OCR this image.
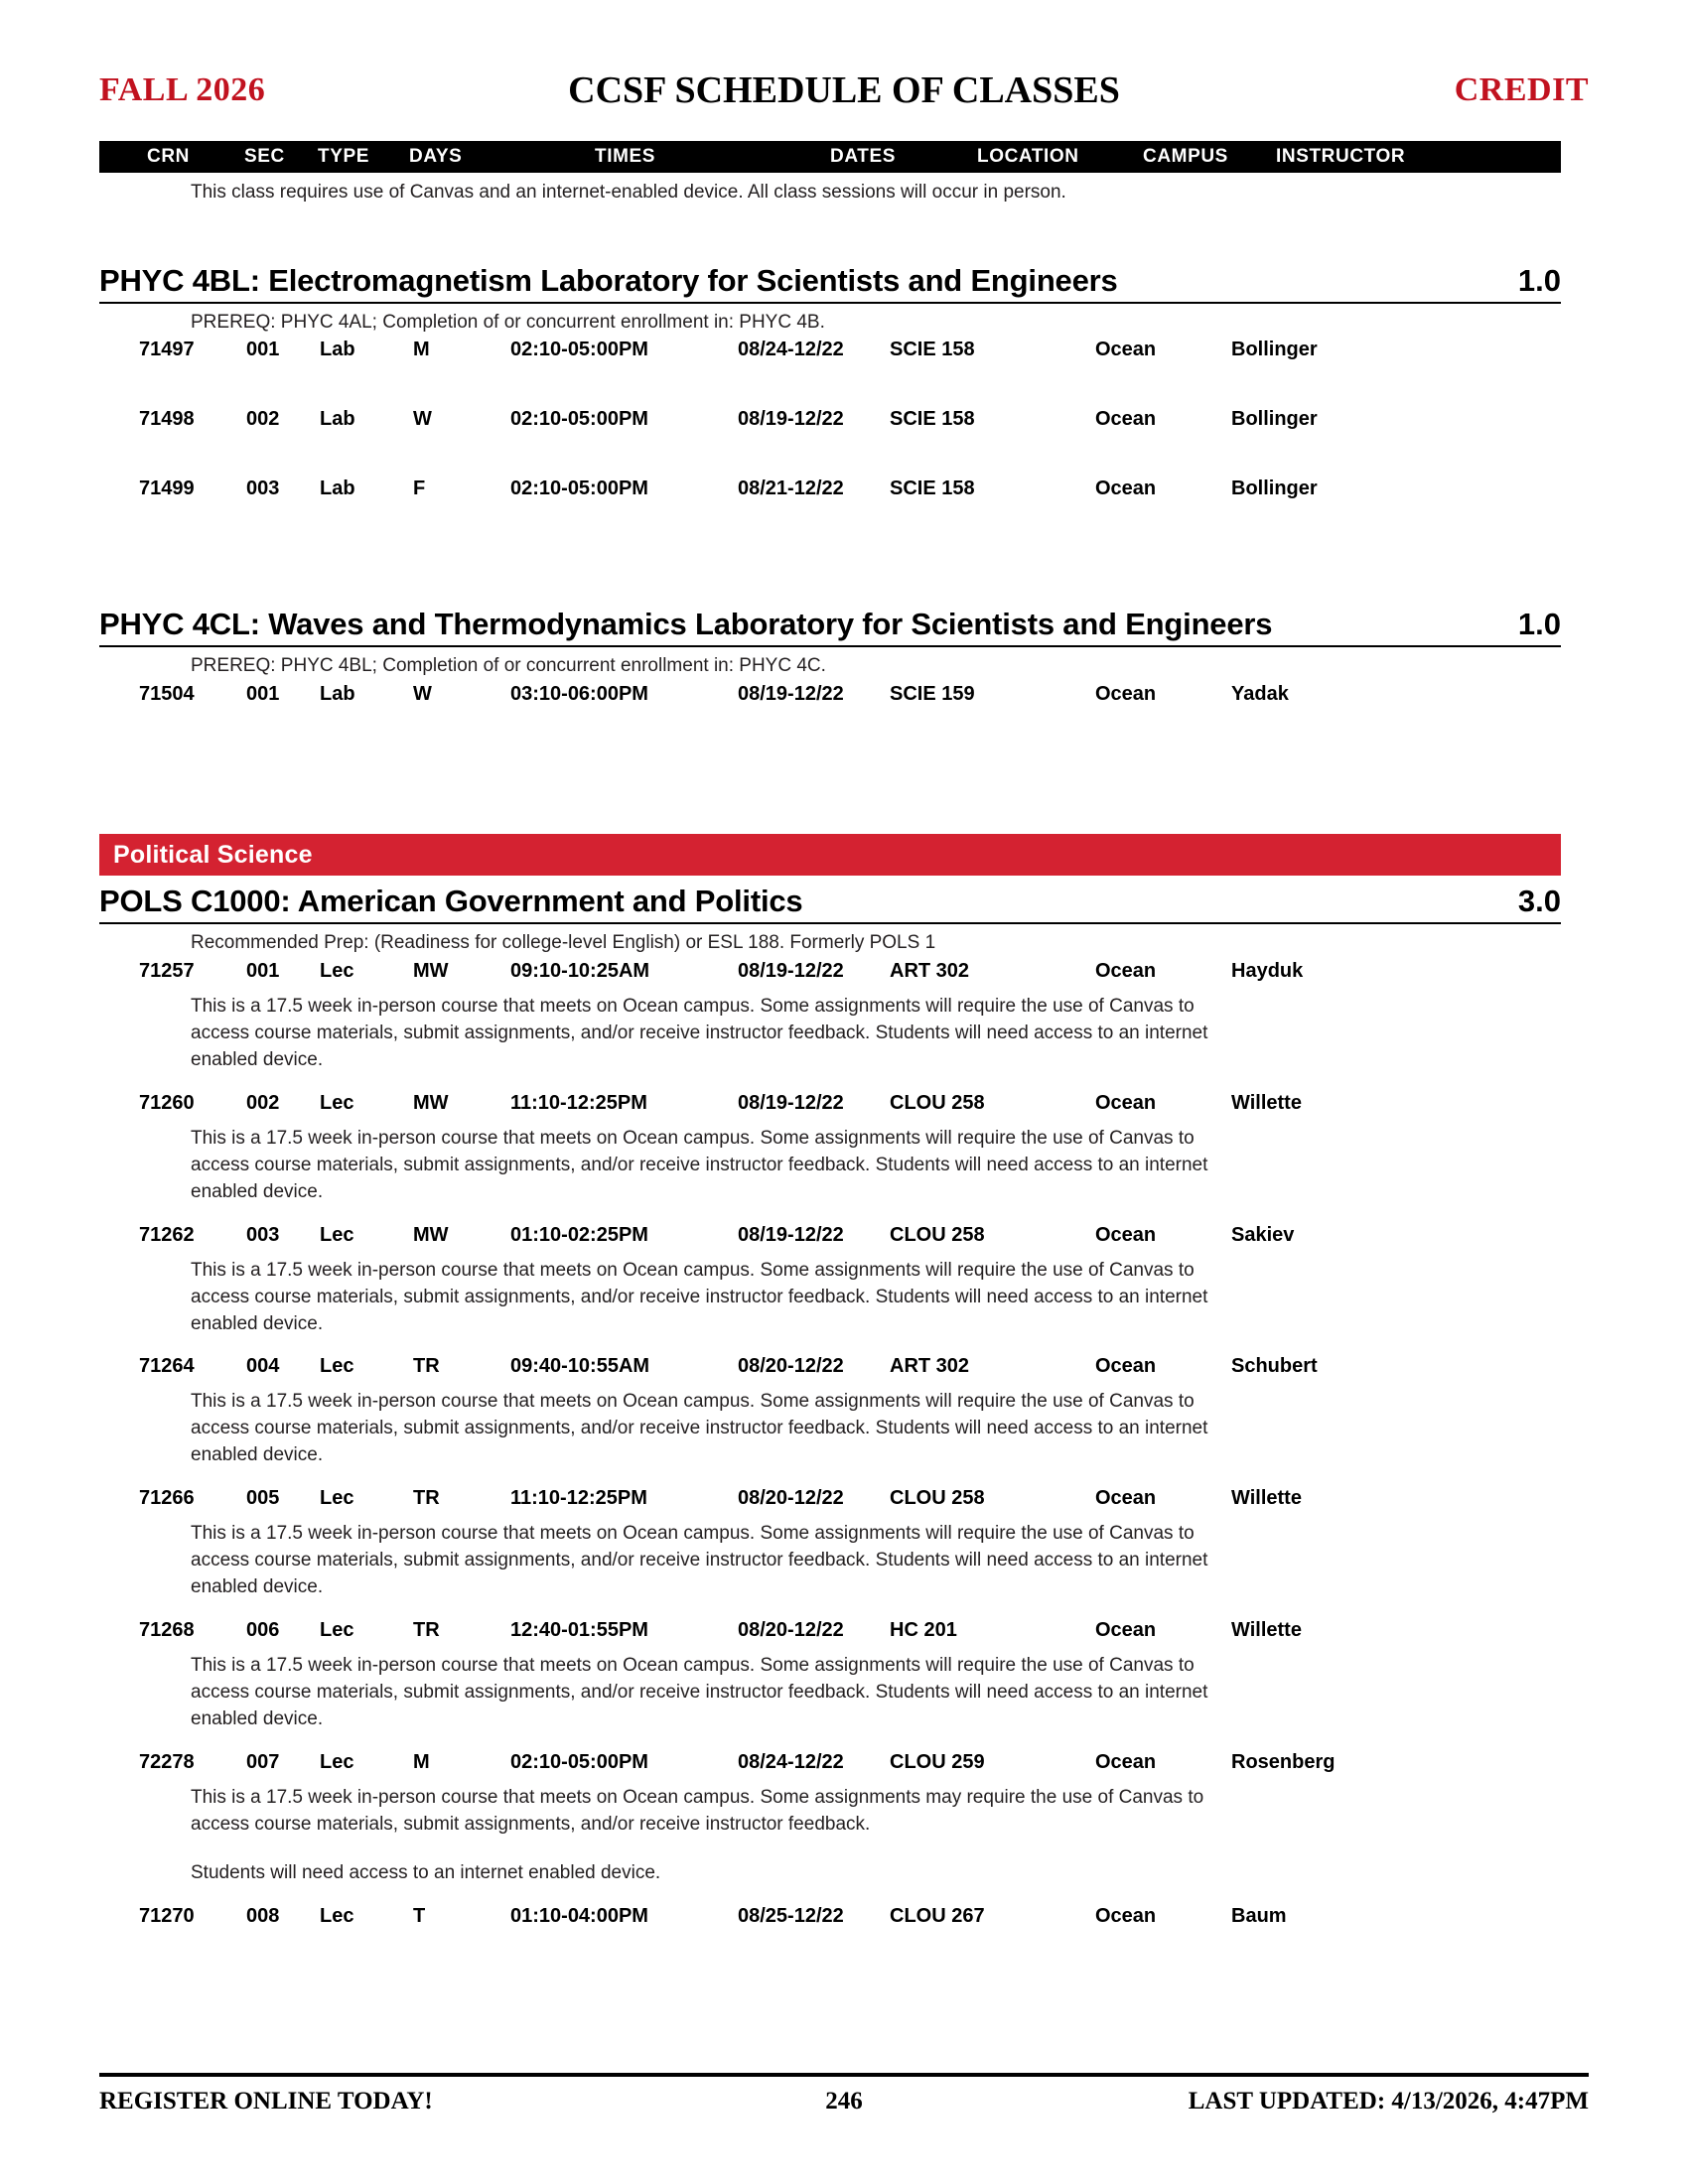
FALL 2026	CCSF SCHEDULE OF CLASSES	CREDIT
CRN	SEC TYPE DAYS	TIMES	DATES	LOCATION	CAMPUS	INSTRUCTOR
This class requires use of Canvas and an internet-enabled device. All class sessions will occur in person.
PHYC 4BL: Electromagnetism Laboratory for Scientists and Engineers	1.0
PREREQ: PHYC 4AL; Completion of or concurrent enrollment in: PHYC 4B.
71497	001 Lab	M	02:10-05:00PM	08/24-12/22 SCIE 158	Ocean	Bollinger
71498	002 Lab	W	02:10-05:00PM	08/19-12/22 SCIE 158	Ocean	Bollinger
71499	003 Lab	F	02:10-05:00PM	08/21-12/22 SCIE 158	Ocean	Bollinger
PHYC 4CL: Waves and Thermodynamics Laboratory for Scientists and Engineers	1.0
PREREQ: PHYC 4BL; Completion of or concurrent enrollment in: PHYC 4C.
71504	001 Lab	W	03:10-06:00PM	08/19-12/22 SCIE 159	Ocean	Yadak
Political Science
POLS C1000: American Government and Politics	3.0
Recommended Prep: (Readiness for college-level English) or ESL 188. Formerly POLS 1
71257	001 Lec	MW	09:10-10:25AM	08/19-12/22 ART 302	Ocean	Hayduk
This is a 17.5 week in-person course that meets on Ocean campus. Some assignments will require the use of Canvas to access course materials, submit assignments, and/or receive instructor feedback. Students will need access to an internet enabled device.
71260	002 Lec	MW	11:10-12:25PM	08/19-12/22 CLOU 258	Ocean	Willette
This is a 17.5 week in-person course that meets on Ocean campus. Some assignments will require the use of Canvas to access course materials, submit assignments, and/or receive instructor feedback. Students will need access to an internet enabled device.
71262	003 Lec	MW	01:10-02:25PM	08/19-12/22 CLOU 258	Ocean	Sakiev
This is a 17.5 week in-person course that meets on Ocean campus. Some assignments will require the use of Canvas to access course materials, submit assignments, and/or receive instructor feedback. Students will need access to an internet enabled device.
71264	004 Lec	TR	09:40-10:55AM	08/20-12/22 ART 302	Ocean	Schubert
This is a 17.5 week in-person course that meets on Ocean campus. Some assignments will require the use of Canvas to access course materials, submit assignments, and/or receive instructor feedback. Students will need access to an internet enabled device.
71266	005 Lec	TR	11:10-12:25PM	08/20-12/22 CLOU 258	Ocean	Willette
This is a 17.5 week in-person course that meets on Ocean campus. Some assignments will require the use of Canvas to access course materials, submit assignments, and/or receive instructor feedback. Students will need access to an internet enabled device.
71268	006 Lec	TR	12:40-01:55PM	08/20-12/22 HC 201	Ocean	Willette
This is a 17.5 week in-person course that meets on Ocean campus. Some assignments will require the use of Canvas to access course materials, submit assignments, and/or receive instructor feedback. Students will need access to an internet enabled device.
72278	007 Lec	M	02:10-05:00PM	08/24-12/22 CLOU 259	Ocean	Rosenberg
This is a 17.5 week in-person course that meets on Ocean campus. Some assignments may require the use of Canvas to access course materials, submit assignments, and/or receive instructor feedback.
Students will need access to an internet enabled device.
71270	008 Lec	T	01:10-04:00PM	08/25-12/22 CLOU 267	Ocean	Baum
REGISTER ONLINE TODAY!	246	LAST UPDATED: 4/13/2026, 4:47PM
